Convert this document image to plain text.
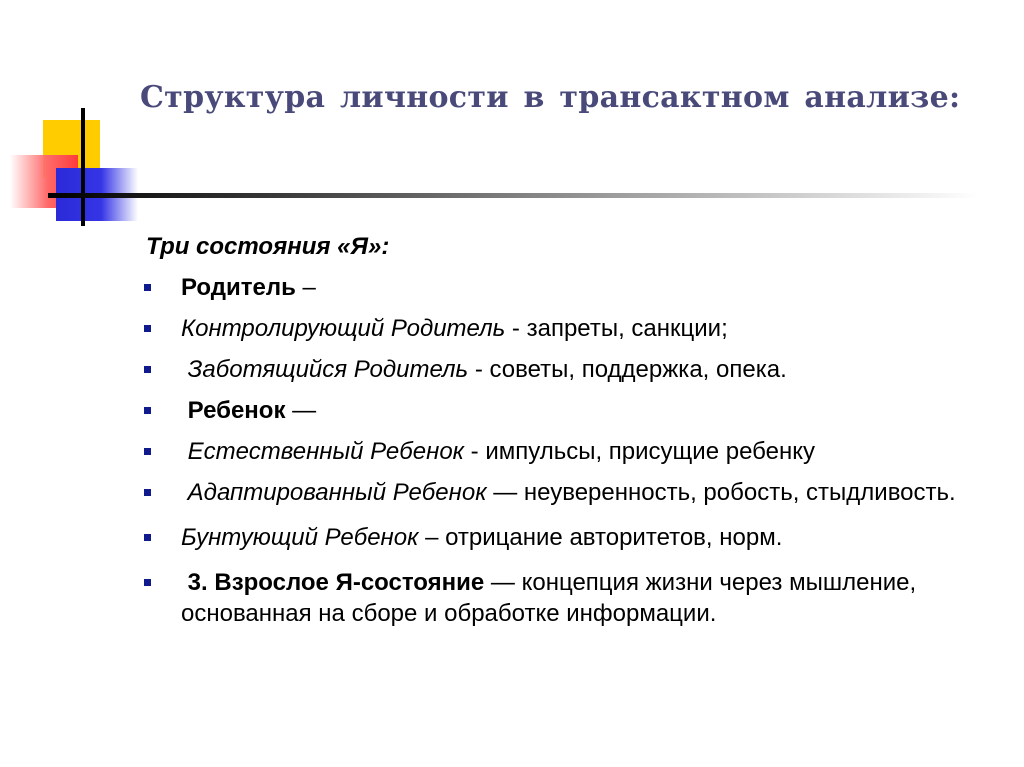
Структура личности в трансактном анализе:
Три состояния «Я»:
Родитель –
Контролирующий Родитель - запреты, санкции;
Заботящийся Родитель - советы, поддержка, опека.
Ребенок —
Естественный Ребенок - импульсы, присущие ребенку
Адаптированный Ребенок — неуверенность, робость, стыдливость.
Бунтующий Ребенок – отрицание авторитетов, норм.
3. Взрослое Я-состояние — концепция жизни через мышление, основанная на сборе и обработке информации.
